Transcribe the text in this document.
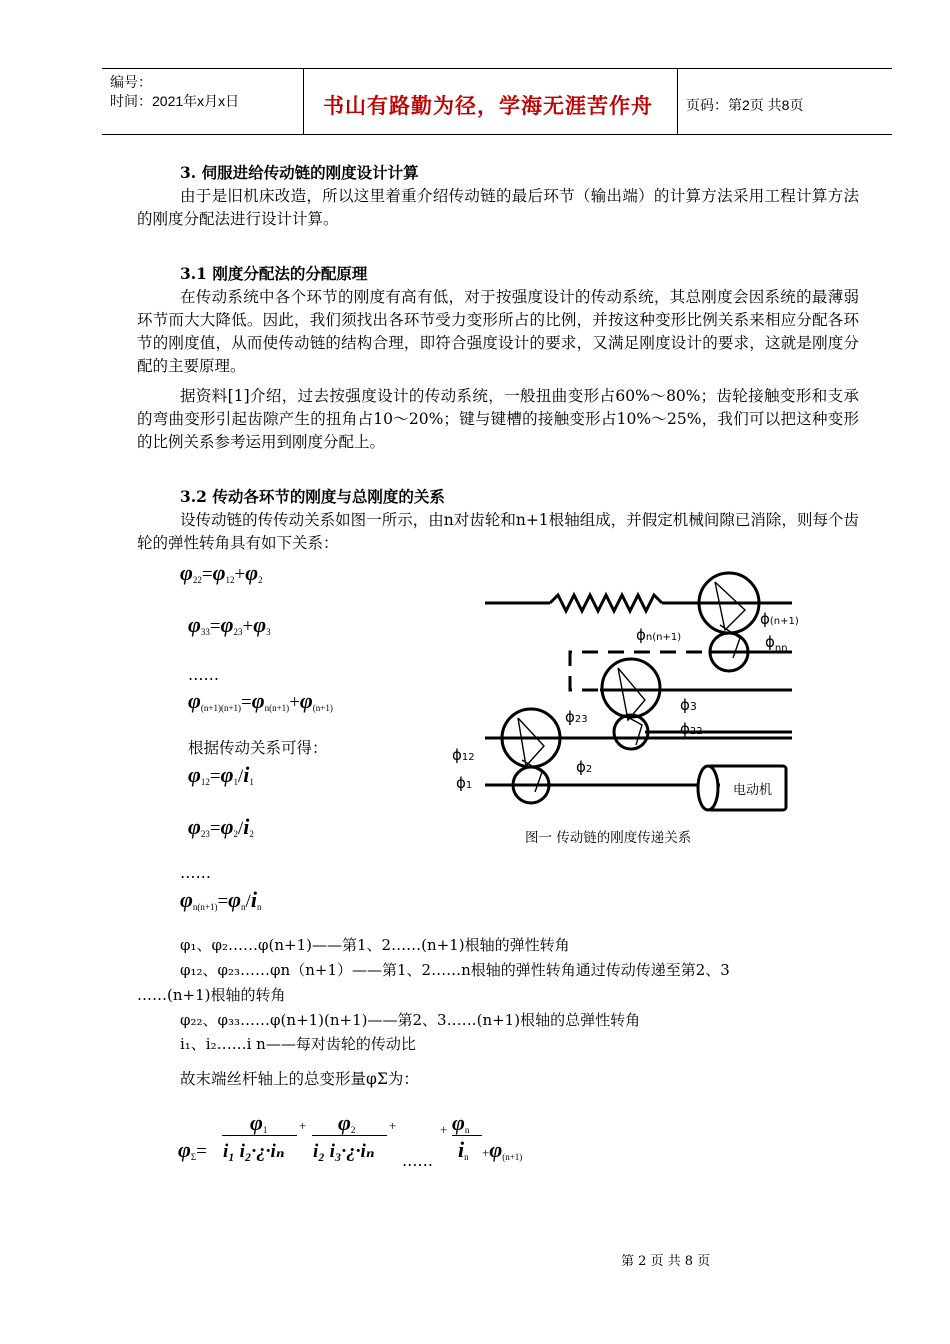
编号：
时间：2021年x月x日	书山有路勤为径，学海无涯苦作舟 页码：第2页 共8页
3. 伺服进给传动链的刚度设计计算
由于是旧机床改造，所以这里着重介绍传动链的最后环节（输出端）的计算方法采用工程计算方法的刚度分配法进行设计计算。
3.1 刚度分配法的分配原理
在传动系统中各个环节的刚度有高有低，对于按强度设计的传动系统，其总刚度会因系统的最薄弱环节而大大降低。因此，我们须找出各环节受力变形所占的比例，并按这种变形比例关系来相应分配各环节的刚度值，从而使传动链的结构合理，即符合强度设计的要求，又满足刚度设计的要求，这就是刚度分配的主要原理。
据资料[1]介绍，过去按强度设计的传动系统，一般扭曲变形占60%～80%；齿轮接触变形和支承的弯曲变形引起齿隙产生的扭角占10～20%；键与键槽的接触变形占10%～25%，我们可以把这种变形的比例关系参考运用到刚度分配上。
3.2 传动各环节的刚度与总刚度的关系
设传动链的传传动关系如图一所示，由n对齿轮和n+1根轴组成，并假定机械间隙已消除，则每个齿轮的弹性转角具有如下关系：
$\varphi_{22}=\varphi_{12}+\varphi_2$
$\varphi_{33}=\varphi_{23}+\varphi_3$
……
$\varphi_{(n+1)(n+1)}=\varphi_{n(n+1)}+\varphi_{(n+1)}$
根据传动关系可得：
$\varphi_{12}=\varphi_1/i_1$
$\varphi_{23}=\varphi_2/i_2$
……
$\varphi_{n(n+1)}=\varphi_n/i_n$
ϕ(n+1)
ϕn(n+1)	$\phi_{nn}$
ϕ3
ϕ23
ϕ22
ϕ12
ϕ2
ϕ1	电动机
图一 传动链的刚度传递关系
φ₁、φ₂……φ(n+1)——第1、2……(n+1)根轴的弹性转角
φ₁₂、φ₂₃……φn（n+1）——第1、2……n根轴的弹性转角通过传动传递至第2、3
……(n+1)根轴的转角
φ₂₂、φ₃₃……φ(n+1)(n+1)——第2、3……(n+1)根轴的总弹性转角
i₁、i₂……i n——每对齿轮的传动比
故末端丝杆轴上的总变形量φΣ为：
$\varphi_\Sigma=$
$\varphi_1$
i₁ i₂·¿·iₙ
+ $\varphi_2$
i₂ i₃·¿·iₙ
+
……
+ $\varphi_n$
$i_n +\varphi_{(n+1)}$
第 2 页 共 8 页
